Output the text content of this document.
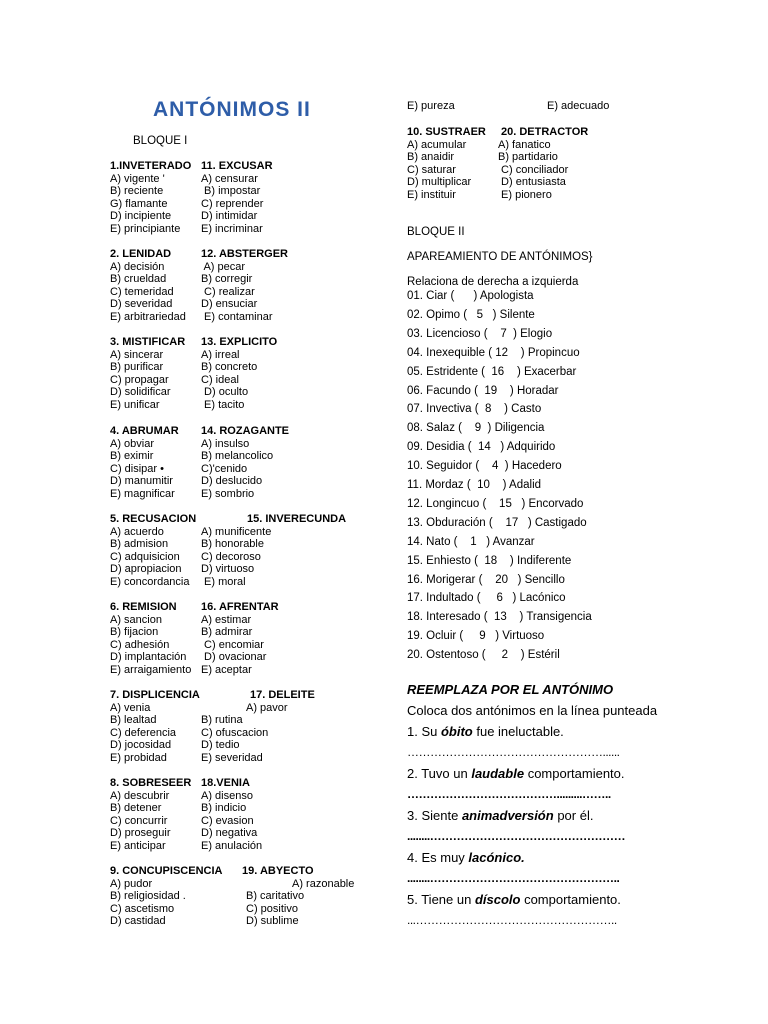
ANTÓNIMOS II
BLOQUE I
1.INVETERADO 11. EXCUSAR
A) vigente '	A) censurar
B) reciente	B) impostar
G) flamante	C) reprender
D) incipiente	D) intimidar
E) principiante E) incriminar
2. LENIDAD	12. ABSTERGER
A) decisión	A) pecar
B) crueldad	B) corregir
C) temeridad C) realizar
D) severidad	D) ensuciar
E) arbitrariedad E) contaminar
3. MISTIFICAR 13. EXPLICITO
A) sincerar	A) irreal
B) purificar	B) concreto
C) propagar	C) ideal
D) solidificar	D) oculto
E) unificar	E) tacito
4. ABRUMAR 14. ROZAGANTE
A) obviar	A) insulso
B) eximir	B) melancolico
C) disipar •	C)'cenido
D) manumitir	D) deslucido
E) magnificar E) sombrio
5. RECUSACION	15. INVERECUNDA
A) acuerdo	A) munificente
B) admision	B) honorable
C) adquisicion C) decoroso
D) apropiacion D) virtuoso
E) concordancia E) moral
6. REMISION 16. AFRENTAR
A) sancion	A) estimar
B) fijacion	B) admirar
C) adhesión	C) encomiar
D) implantación D) ovacionar
E) arraigamiento E) aceptar
7. DISPLICENCIA	17. DELEITE
A) venia	A) pavor
B) lealtad	B) rutina
C) deferencia C) ofuscacion
D) jocosidad	D) tedio
E) probidad	E) severidad
8. SOBRESEER 18.VENIA
A) descubrir	A) disenso
B) detener	B) indicio
C) concurrir	C) evasion
D) proseguir	D) negativa
E) anticipar	E) anulación
9. CONCUPISCENCIA 19. ABYECTO
A) pudor	A) razonable
B) religiosidad .	B) caritativo
C) ascetismo	C) positivo
D) castidad	D) sublime
E) pureza	E) adecuado

10. SUSTRAER

20. DETRACTOR

A) acumular	A) fanatico
B) anaidir	B) partidario
C) saturar	C) conciliador
D) multiplicar D) entusiasta
E) instituir	E) pionero
BLOQUE II
APAREAMIENTO DE ANTÓNIMOS}
Relaciona de derecha a izquierda
01. Ciar (      ) Apologista
02. Opimo (   5   ) Silente
03. Licencioso (    7  ) Elogio
04. Inexequible ( 12    ) Propincuo
05. Estridente (  16    ) Exacerbar
06. Facundo (  19    ) Horadar
07. Invectiva (  8    ) Casto
08. Salaz (    9  ) Diligencia
09. Desidia (  14   ) Adquirido
10. Seguidor (    4  ) Hacedero
11. Mordaz (  10    ) Adalid
12. Longincuo (    15   ) Encorvado
13. Obduración (    17   ) Castigado
14. Nato (    1   ) Avanzar
15. Enhiesto (  18    ) Indiferente
16. Morigerar (    20   ) Sencillo
17. Indultado (     6   ) Lacónico
18. Interesado (  13    ) Transigencia
19. Ocluir (     9   ) Virtuoso
20. Ostentoso (     2    ) Estéril
REEMPLAZA POR EL ANTÓNIMO
Coloca dos antónimos en la línea punteada
1. Su óbito fue ineluctable.
……………………………………………......
2. Tuvo un laudable comportamiento.
………………………………….........……..
3. Siente animadversión por él.
........……………………………………………
4. Es muy lacónico.
........…………………………………………..
5. Tiene un díscolo comportamiento.
...……………………………………………..
